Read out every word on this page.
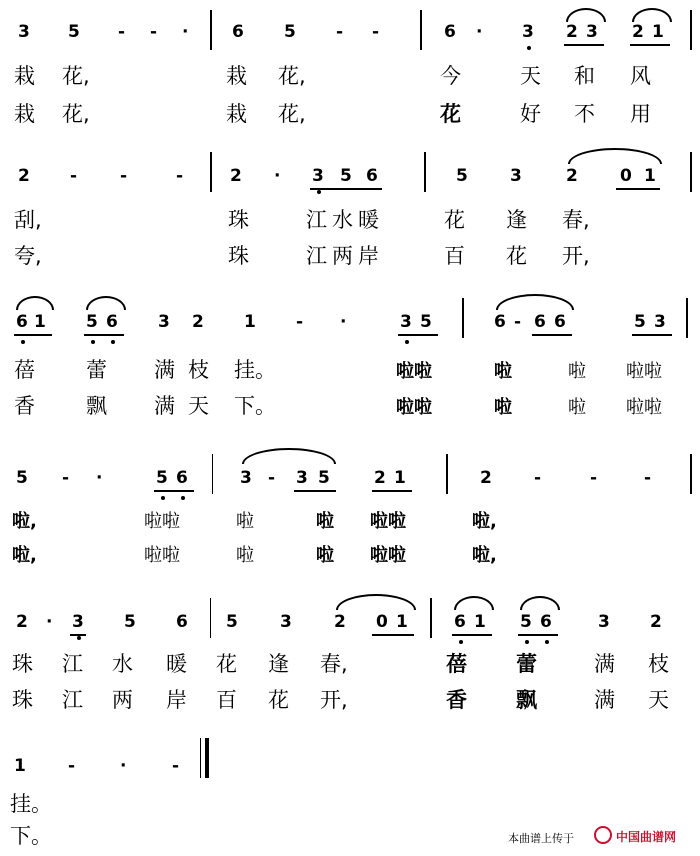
3 5 - - ·	6 5 - -	6 · 3 2 3 2 1
栽 花,	栽 花,	今	天 和 风
栽 花,	栽 花,	花	好 不 用
2 -	-	-	2 · 3 5 6	5 3	2 0 1
刮,	珠	江 水 暖	花 逢 春,
夸,	珠	江 两 岸	百 花 开,
6 1 5 6 3 2 1 - ·	3 5	6 - 6 6	5 3
蓓 蕾 满 枝 挂。	啦啦	啦	啦 啦啦
香 飘 满 天 下。	啦啦	啦	啦 啦啦
5 - ·	5 6	3 - 3 5	2 1	2 -	-	-
啦,	啦啦	啦	啦 啦啦	啦,
啦,	啦啦	啦	啦 啦啦	啦,
2 · 3 5 6 5 3 2 0 1	6 1 5 6	3 2
珠 江 水 暖 花 逢 春,	蓓 蕾	满 枝
珠 江 两 岸 百 花 开,	香 飘	满 天
1 -	·	-
挂。
下。	本曲谱上传于	中国曲谱网
